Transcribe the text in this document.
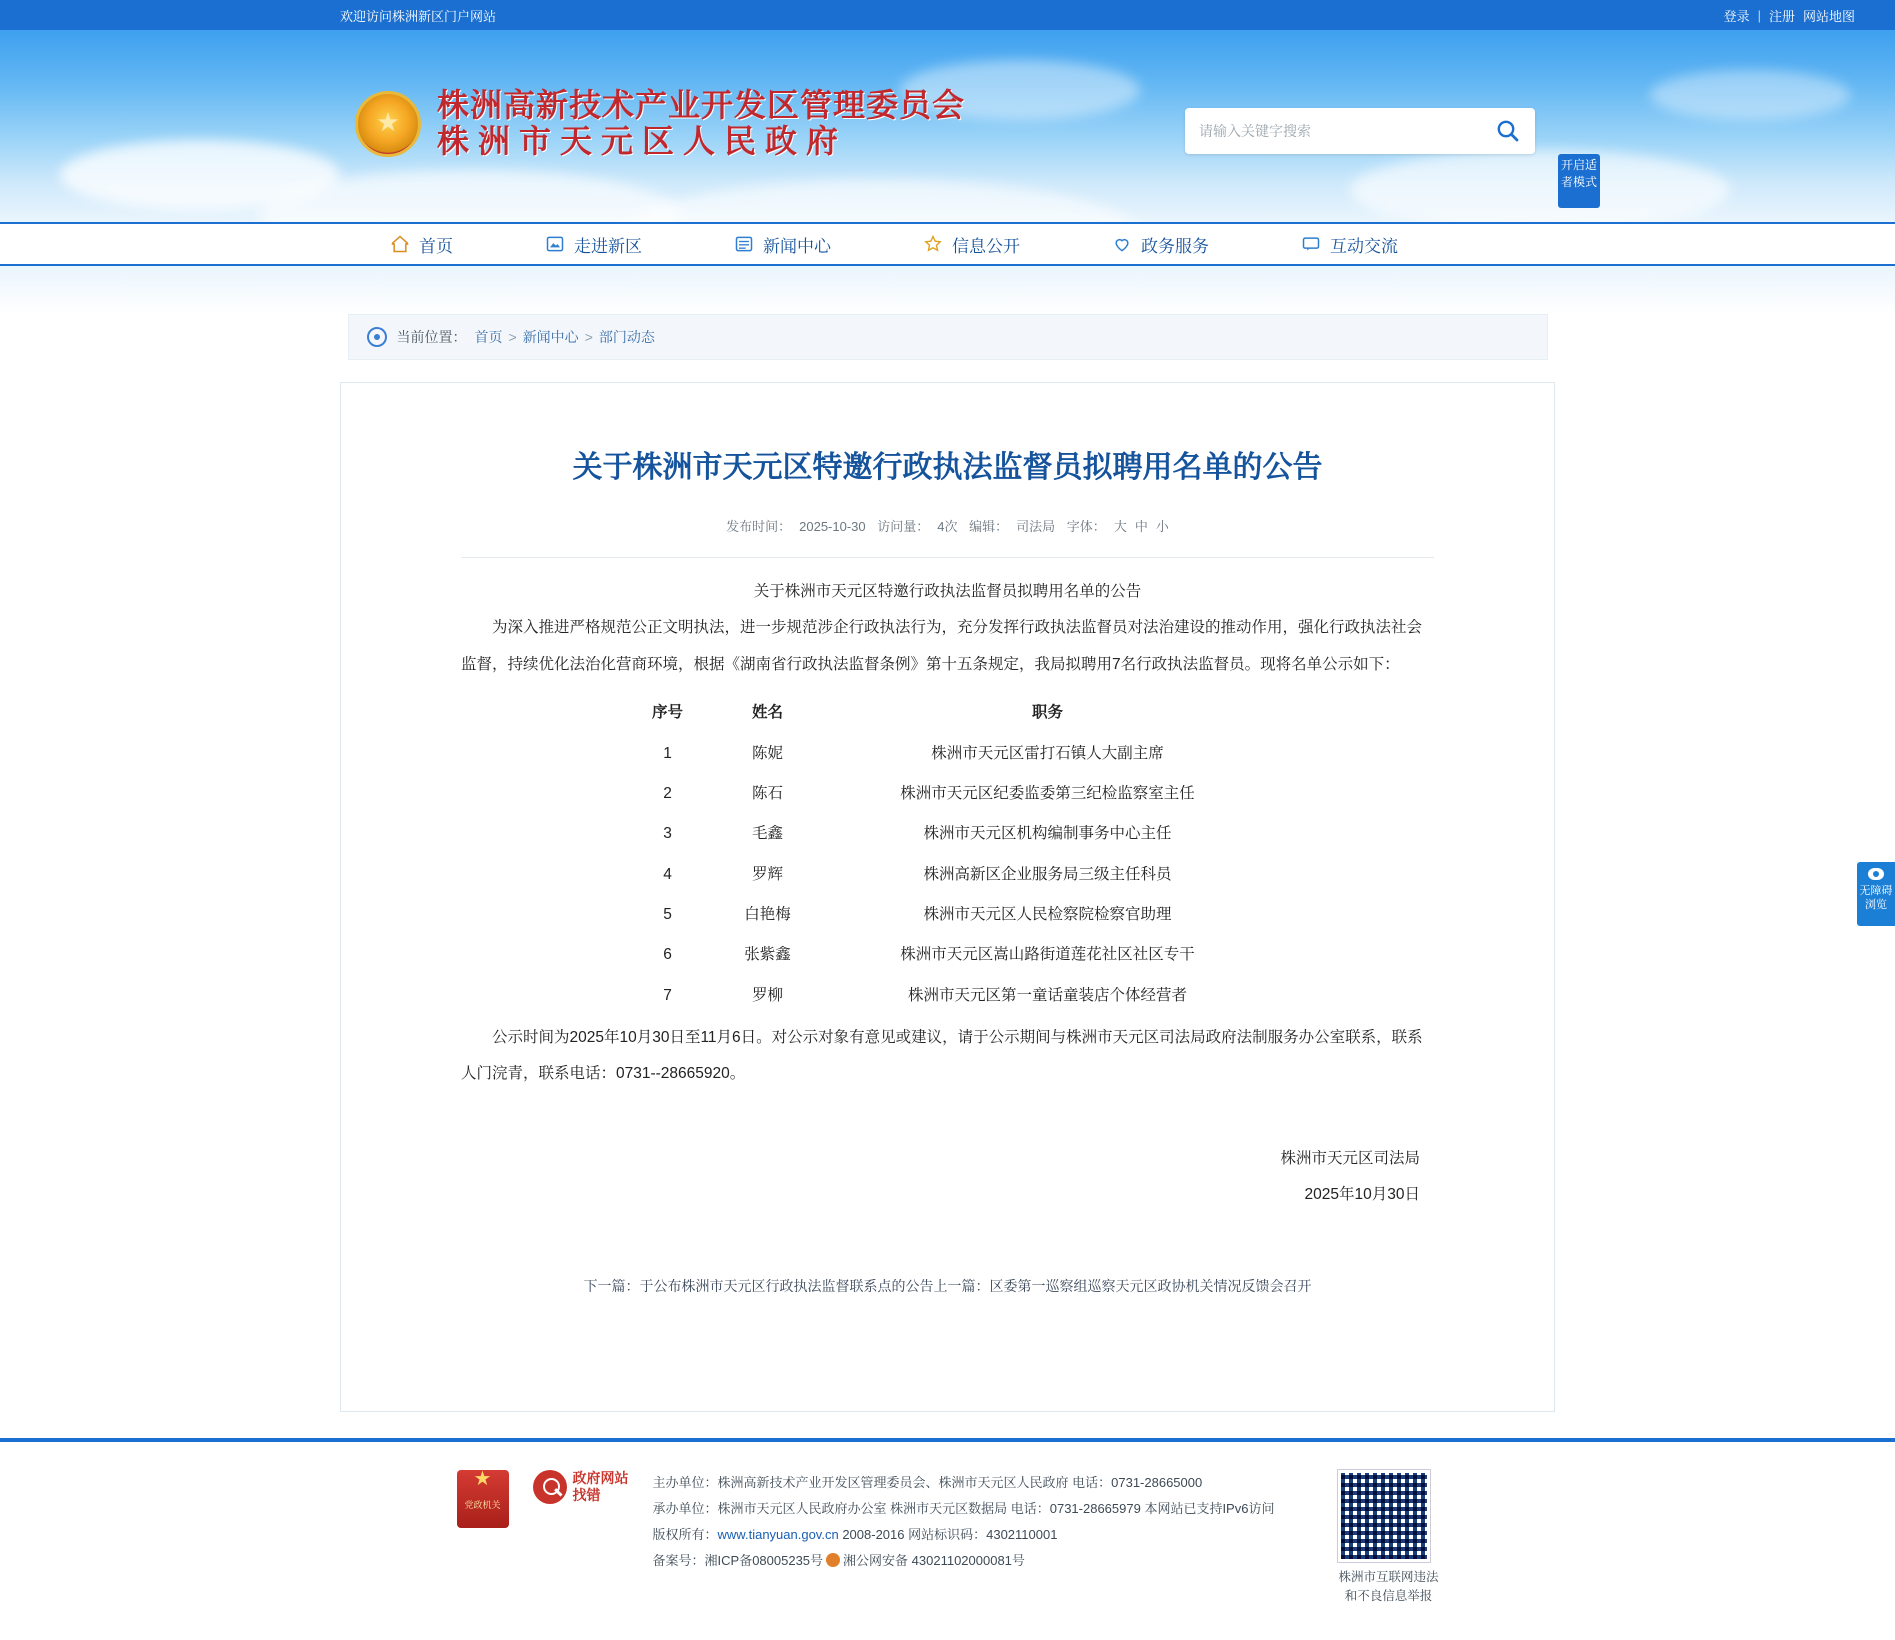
欢迎访问株洲新区门户网站	登录 | 注册 网站地图
★
株洲高新技术产业开发区管理委员会
株洲市天元区人民政府
请输入关键字搜索
开启适者模式
首页	走进新区	新闻中心	信息公开	政务服务	互动交流
当前位置： 首页 > 新闻中心 > 部门动态
关于株洲市天元区特邀行政执法监督员拟聘用名单的公告
发布时间： 2025-10-30 访问量： 4次 编辑： 司法局 字体： 大 中 小
关于株洲市天元区特邀行政执法监督员拟聘用名单的公告
为深入推进严格规范公正文明执法，进一步规范涉企行政执法行为，充分发挥行政执法监督员对法治建设的推动作用，强化行政执法社会监督，持续优化法治化营商环境，根据《湖南省行政执法监督条例》第十五条规定，我局拟聘用7名行政执法监督员。现将名单公示如下：
序号	姓名	职务
1	陈妮	株洲市天元区雷打石镇人大副主席
2	陈石	株洲市天元区纪委监委第三纪检监察室主任
3	毛鑫	株洲市天元区机构编制事务中心主任
4	罗辉	株洲高新区企业服务局三级主任科员
5	白艳梅	株洲市天元区人民检察院检察官助理
6	张紫鑫	株洲市天元区嵩山路街道莲花社区社区专干
7	罗柳	株洲市天元区第一童话童装店个体经营者
公示时间为2025年10月30日至11月6日。对公示对象有意见或建议，请于公示期间与株洲市天元区司法局政府法制服务办公室联系，联系人门浣青，联系电话：0731--28665920。
株洲市天元区司法局
2025年10月30日
下一篇：于公布株洲市天元区行政执法监督联系点的公告上一篇：区委第一巡察组巡察天元区政协机关情况反馈会召开
无障碍浏览
★ 党政机关
政府网站
找错
主办单位：株洲高新技术产业开发区管理委员会、株洲市天元区人民政府 电话：0731-28665000
承办单位：株洲市天元区人民政府办公室 株洲市天元区数据局 电话：0731-28665979 本网站已支持IPv6访问
版权所有：www.tianyuan.gov.cn 2008-2016 网站标识码：4302110001
备案号：湘ICP备08005235号 湘公网安备 43021102000081号
株洲市互联网违法
和不良信息举报
